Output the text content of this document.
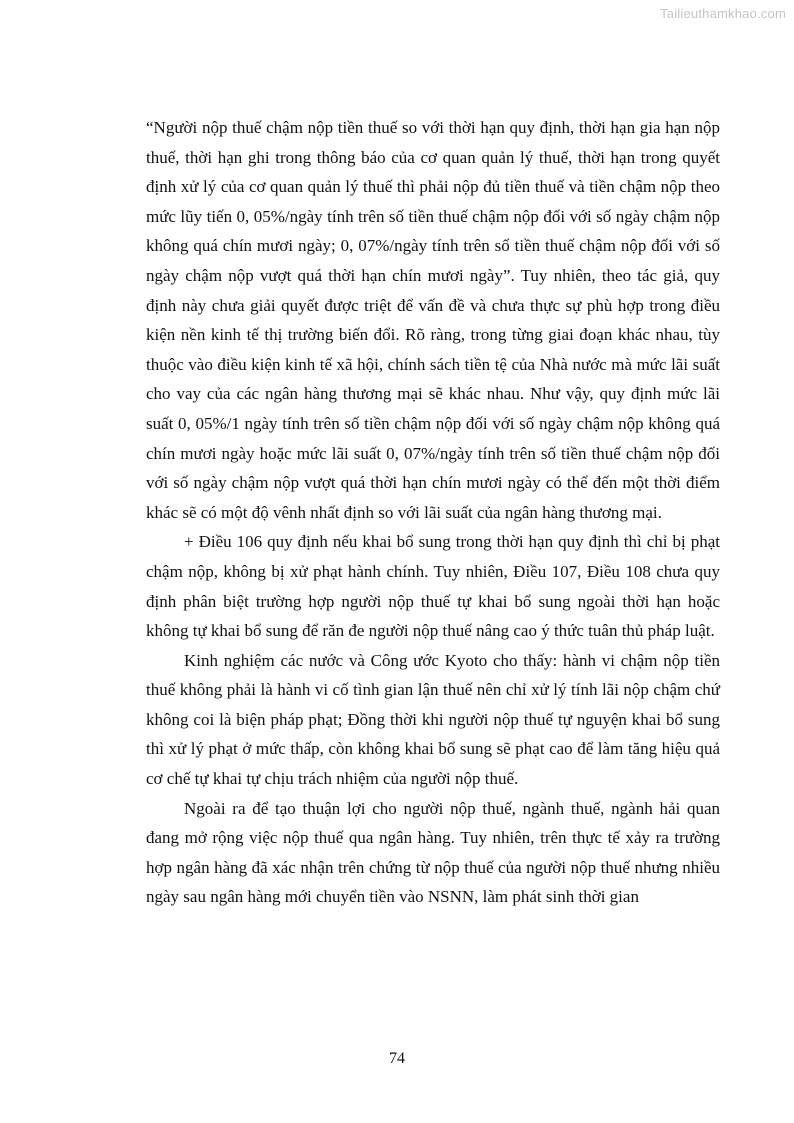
Tailieuthamkhao.com

“Người nộp thuế chậm nộp tiền thuế so với thời hạn quy định, thời hạn gia hạn nộp thuế, thời hạn ghi trong thông báo của cơ quan quản lý thuế, thời hạn trong quyết định xử lý của cơ quan quản lý thuế thì phải nộp đủ tiền thuế và tiền chậm nộp theo mức lũy tiến 0, 05%/ngày tính trên số tiền thuế chậm nộp đối với số ngày chậm nộp không quá chín mươi ngày; 0, 07%/ngày tính trên số tiền thuế chậm nộp đối với số ngày chậm nộp vượt quá thời hạn chín mươi ngày”. Tuy nhiên, theo tác giả, quy định này chưa giải quyết được triệt để vấn đề và chưa thực sự phù hợp trong điều kiện nền kinh tế thị trường biến đổi. Rõ ràng, trong từng giai đoạn khác nhau, tùy thuộc vào điều kiện kinh tế xã hội, chính sách tiền tệ của Nhà nước mà mức lãi suất cho vay của các ngân hàng thương mại sẽ khác nhau. Như vậy, quy định mức lãi suất 0, 05%/1 ngày tính trên số tiền chậm nộp đối với số ngày chậm nộp không quá chín mươi ngày hoặc mức lãi suất 0, 07%/ngày tính trên số tiền thuế chậm nộp đối với số ngày chậm nộp vượt quá thời hạn chín mươi ngày có thể đến một thời điểm khác sẽ có một độ vênh nhất định so với lãi suất của ngân hàng thương mại.

+ Điều 106 quy định nếu khai bổ sung trong thời hạn quy định thì chỉ bị phạt chậm nộp, không bị xử phạt hành chính. Tuy nhiên, Điều 107, Điều 108 chưa quy định phân biệt trường hợp người nộp thuế tự khai bổ sung ngoài thời hạn hoặc không tự khai bổ sung để răn đe người nộp thuế nâng cao ý thức tuân thủ pháp luật.

Kinh nghiệm các nước và Công ước Kyoto cho thấy: hành vi chậm nộp tiền thuế không phải là hành vi cố tình gian lận thuế nên chỉ xử lý tính lãi nộp chậm chứ không coi là biện pháp phạt; Đồng thời khi người nộp thuế tự nguyện khai bổ sung thì xử lý phạt ở mức thấp, còn không khai bổ sung sẽ phạt cao để làm tăng hiệu quả cơ chế tự khai tự chịu trách nhiệm của người nộp thuế.

Ngoài ra để tạo thuận lợi cho người nộp thuế, ngành thuế, ngành hải quan đang mở rộng việc nộp thuế qua ngân hàng. Tuy nhiên, trên thực tế xảy ra trường hợp ngân hàng đã xác nhận trên chứng từ nộp thuế của người nộp thuế nhưng nhiều ngày sau ngân hàng mới chuyển tiền vào NSNN, làm phát sinh thời gian

74
